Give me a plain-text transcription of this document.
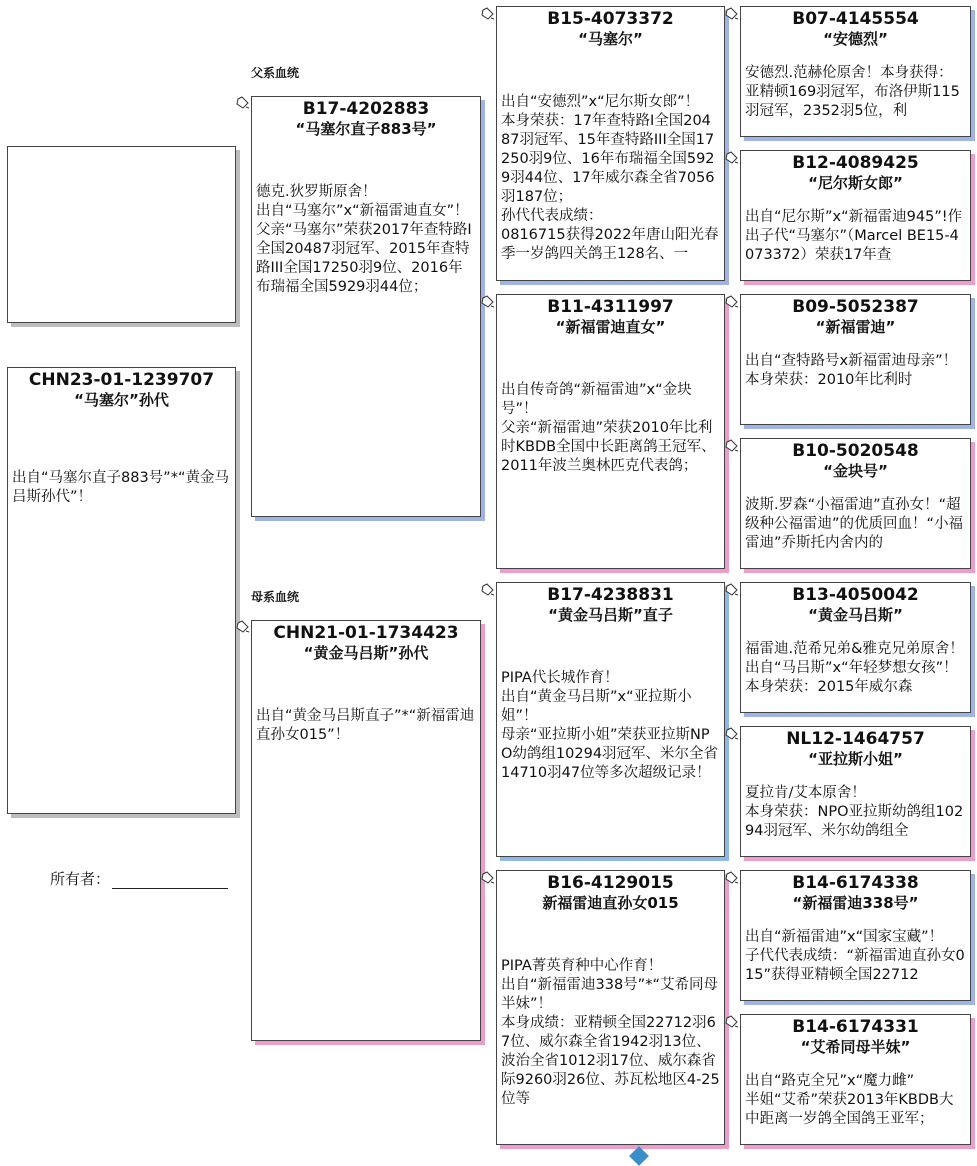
父系血统
母系血统
CHN23-01-1239707
“马塞尔”孙代
出自“马塞尔直子883号”*“黄金马吕斯孙代”！
所有者：
B17-4202883
“马塞尔直子883号”
德克.狄罗斯原舍！
出自“马塞尔”x“新福雷迪直女”！
父亲“马塞尔”荣获2017年查特路I全国20487羽冠军、2015年查特路III全国17250羽9位、2016年布瑞福全国5929羽44位；
CHN21-01-1734423
“黄金马吕斯”孙代
出自“黄金马吕斯直子”*“新福雷迪直孙女015”！
B15-4073372
“马塞尔”
出自“安德烈”x“尼尔斯女郎”！
本身荣获：17年查特路I全国20487羽冠军、15年查特路III全国17250羽9位、16年布瑞福全国5929羽44位、17年威尔森全省7056羽187位；
孙代代表成绩：
0816715获得2022年唐山阳光春季一岁鸽四关鸽王128名、一
B11-4311997
“新福雷迪直女”
出自传奇鸽“新福雷迪”x“金块号”！
父亲“新福雷迪”荣获2010年比利时KBDB全国中长距离鸽王冠军、2011年波兰奥林匹克代表鸽；
B17-4238831
“黄金马吕斯”直子
PIPA代长城作育！
出自“黄金马吕斯”x“亚拉斯小姐”！
母亲“亚拉斯小姐”荣获亚拉斯NPO幼鸽组10294羽冠军、米尔全省14710羽47位等多次超级记录！
B16-4129015
新福雷迪直孙女015
PIPA菁英育种中心作育！
出自“新福雷迪338号”*“艾希同母半妹”！
本身成绩：亚精顿全国22712羽67位、威尔森全省1942羽13位、波治全省1012羽17位、威尔森省际9260羽26位、苏瓦松地区4-25位等
B07-4145554
“安德烈”
安德烈.范赫伦原舍！本身获得：亚精顿169羽冠军，布洛伊斯115羽冠军，2352羽5位，利
B12-4089425
“尼尔斯女郎”
出自“尼尔斯”x“新福雷迪945”!作出子代“马塞尔”（Marcel BE15-4073372）荣获17年查
B09-5052387
“新福雷迪”
出自“查特路号x新福雷迪母亲”！
本身荣获：2010年比利时
B10-5020548
“金块号”
波斯.罗森“小福雷迪”直孙女！“超级种公福雷迪”的优质回血！“小福雷迪”乔斯托内舍内的
B13-4050042
“黄金马吕斯”
福雷迪.范希兄弟&雅克兄弟原舍！出自“马吕斯”x“年轻梦想女孩”！本身荣获：2015年威尔森
NL12-1464757
“亚拉斯小姐”
夏拉肯/艾本原舍！
本身荣获：NPO亚拉斯幼鸽组10294羽冠军、米尔幼鸽组全
B14-6174338
“新福雷迪338号”
出自“新福雷迪”x“国家宝藏”！
子代代表成绩：“新福雷迪直孙女015”获得亚精顿全国22712
B14-6174331
“艾希同母半妹”
出自“路克全兄”x“魔力雌”
半姐“艾希”荣获2013年KBDB大中距离一岁鸽全国鸽王亚军；
